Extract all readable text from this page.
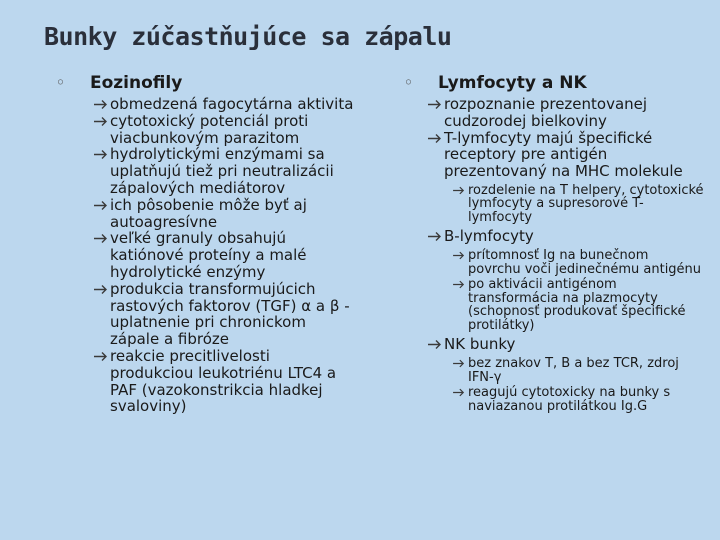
Bunky zúčastňujúce sa zápalu
◦ Eozinofily
obmedzená fagocytárna aktivita
cytotoxický potenciál proti viacbunkovým parazitom
hydrolytickými enzýmami sa uplatňujú tiež pri neutralizácii zápalových mediátorov
ich pôsobenie môže byť aj autoagresívne
veľké granuly obsahujú katiónové proteíny a malé hydrolytické enzýmy
produkcia transformujúcich rastových faktorov (TGF) α a β - uplatnenie pri chronickom zápale a fibróze
reakcie precitlivelosti produkciou leukotriénu LTC4 a PAF (vazokonstrikcia hladkej svaloviny)
◦ Lymfocyty a NK
rozpoznanie prezentovanej cudzorodej bielkoviny
T-lymfocyty majú špecifické receptory pre antigén prezentovaný na MHC molekule
rozdelenie na T helpery, cytotoxické lymfocyty a supresorové T-lymfocyty
B-lymfocyty
prítomnosť Ig na bunečnom povrchu voči jedinečnému antigénu
po aktivácii antigénom transformácia na plazmocyty (schopnosť produkovať špecifické protilátky)
NK bunky
bez znakov T, B a bez TCR, zdroj IFN-γ
reagujú cytotoxicky na bunky s naviazanou protilátkou Ig.G
